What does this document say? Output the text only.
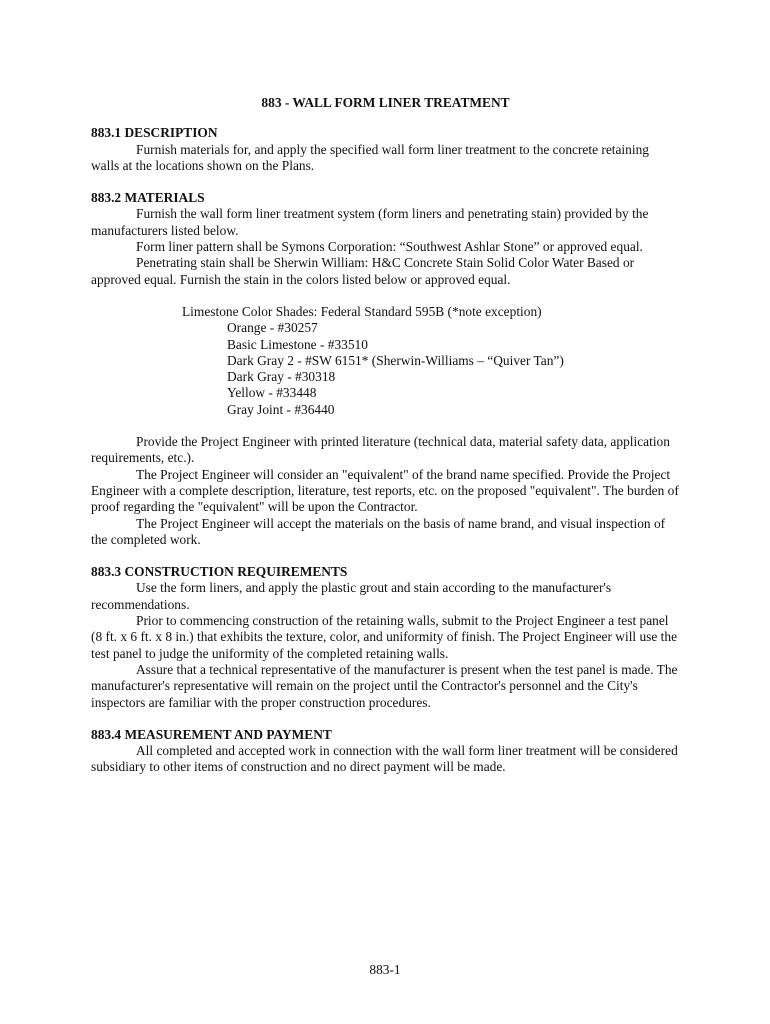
883 - WALL FORM LINER TREATMENT

883.1 DESCRIPTION

Furnish materials for, and apply the specified wall form liner treatment to the concrete retaining walls at the locations shown on the Plans.

883.2 MATERIALS

Furnish the wall form liner treatment system (form liners and penetrating stain) provided by the manufacturers listed below.

Form liner pattern shall be Symons Corporation: “Southwest Ashlar Stone” or approved equal.

Penetrating stain shall be Sherwin William: H&C Concrete Stain Solid Color Water Based or approved equal. Furnish the stain in the colors listed below or approved equal.

Limestone Color Shades: Federal Standard 595B (*note exception)

Orange - #30257
Basic Limestone - #33510
Dark Gray 2 - #SW 6151* (Sherwin-Williams – “Quiver Tan”)
Dark Gray - #30318
Yellow - #33448
Gray Joint - #36440

Provide the Project Engineer with printed literature (technical data, material safety data, application requirements, etc.).

The Project Engineer will consider an "equivalent" of the brand name specified. Provide the Project Engineer with a complete description, literature, test reports, etc. on the proposed "equivalent". The burden of proof regarding the "equivalent" will be upon the Contractor.

The Project Engineer will accept the materials on the basis of name brand, and visual inspection of the completed work.

883.3 CONSTRUCTION REQUIREMENTS

Use the form liners, and apply the plastic grout and stain according to the manufacturer's recommendations.

Prior to commencing construction of the retaining walls, submit to the Project Engineer a test panel (8 ft. x 6 ft. x 8 in.) that exhibits the texture, color, and uniformity of finish. The Project Engineer will use the test panel to judge the uniformity of the completed retaining walls.

Assure that a technical representative of the manufacturer is present when the test panel is made. The manufacturer's representative will remain on the project until the Contractor's personnel and the City's inspectors are familiar with the proper construction procedures.

883.4 MEASUREMENT AND PAYMENT

All completed and accepted work in connection with the wall form liner treatment will be considered subsidiary to other items of construction and no direct payment will be made.

883-1
